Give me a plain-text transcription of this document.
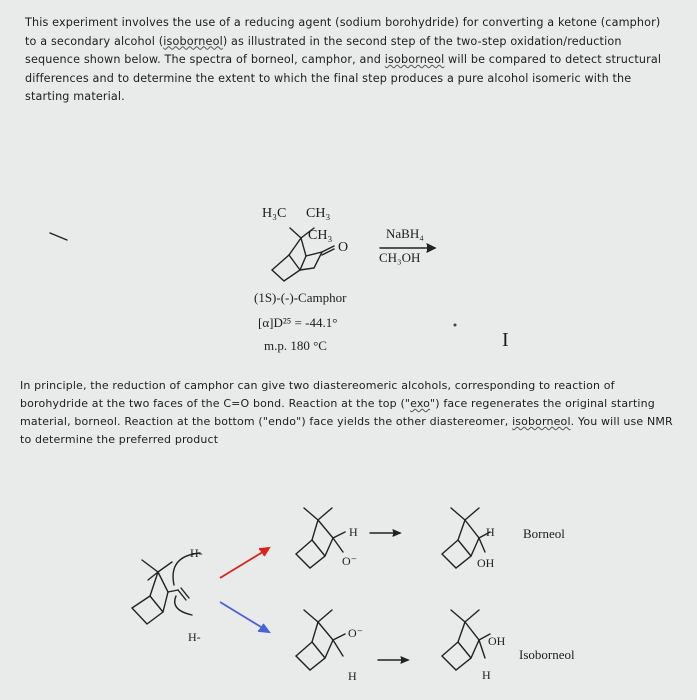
This experiment involves the use of a reducing agent (sodium borohydride) for converting a ketone (camphor) to a secondary alcohol (isoborneol) as illustrated in the second step of the two-step oxidation/reduction sequence shown below. The spectra of borneol, camphor, and isoborneol will be compared to detect structural differences and to determine the extent to which the final step produces a pure alcohol isomeric with the starting material.

H₃C CH₃
CH₃
O
NaBH₄
CH₃OH
(1S)-(-)-Camphor
[α]D²⁵ = -44.1°
m.p. 180 °C	I

In principle, the reduction of camphor can give two diastereomeric alcohols, corresponding to reaction of borohydride at the two faces of the C=O bond. Reaction at the top ("exo") face regenerates the original starting material, borneol. Reaction at the bottom ("endo") face yields the other diastereomer, isoborneol. You will use NMR to determine the preferred product

H-
H-
H
O⁻
H
OH
Borneol
O⁻
H
OH
H
Isoborneol
